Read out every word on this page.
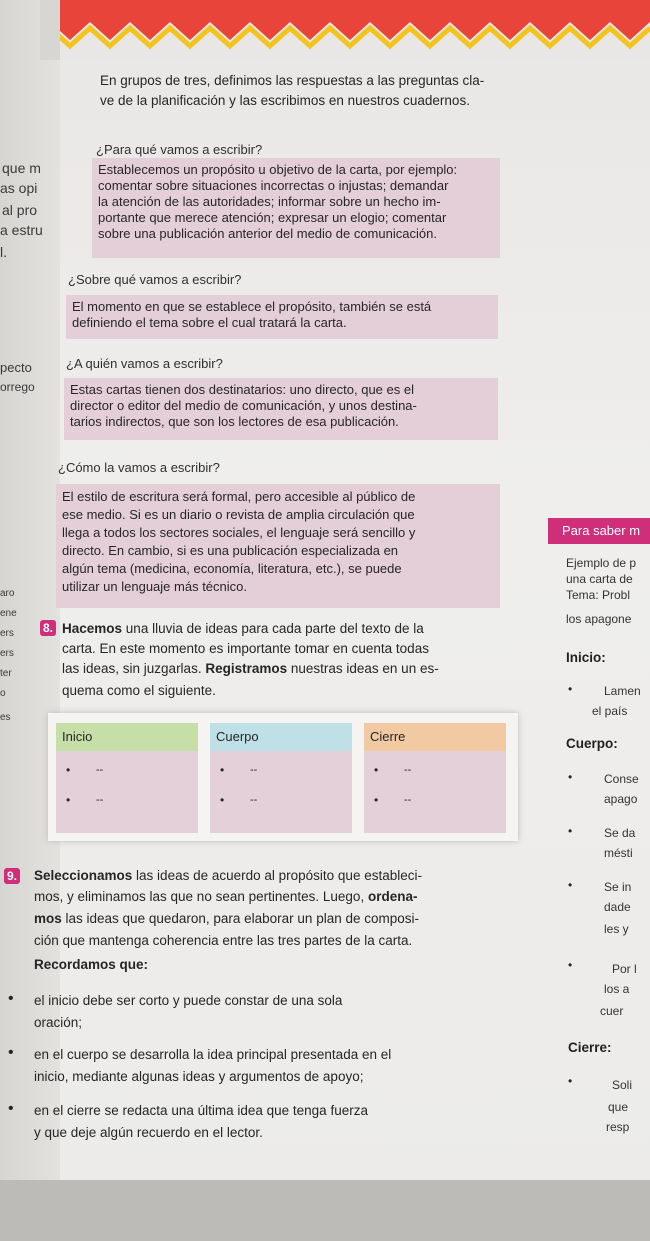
que m
as opi
al pro
a estru
l.
pecto
orrego
aro
ene
ers
ers
ter
o
es
En grupos de tres, definimos las respuestas a las preguntas cla-
ve de la planificación y las escribimos en nuestros cuadernos.
¿Para qué vamos a escribir?

Establecemos un propósito u objetivo de la carta, por ejemplo:
comentar sobre situaciones incorrectas o injustas; demandar
la atención de las autoridades; informar sobre un hecho im-
portante que merece atención; expresar un elogio; comentar
sobre una publicación anterior del medio de comunicación.

¿Sobre qué vamos a escribir?

El momento en que se establece el propósito, también se está
definiendo el tema sobre el cual tratará la carta.

¿A quién vamos a escribir?

Estas cartas tienen dos destinatarios: uno directo, que es el
director o editor del medio de comunicación, y unos destina-
tarios indirectos, que son los lectores de esa publicación.

¿Cómo la vamos a escribir?

El estilo de escritura será formal, pero accesible al público de
ese medio. Si es un diario o revista de amplia circulación que
llega a todos los sectores sociales, el lenguaje será sencillo y
directo. En cambio, si es una publicación especializada en
algún tema (medicina, economía, literatura, etc.), se puede
utilizar un lenguaje más técnico.

8. Hacemos una lluvia de ideas para cada parte del texto de la
carta. En este momento es importante tomar en cuenta todas
las ideas, sin juzgarlas. Registramos nuestras ideas en un es-
quema como el siguiente.
Inicio
• --
• --
Cuerpo
• --
• --
Cierre
• --
• --
9. Seleccionamos las ideas de acuerdo al propósito que estableci-
mos, y eliminamos las que no sean pertinentes. Luego, ordena-
mos las ideas que quedaron, para elaborar un plan de composi-
ción que mantenga coherencia entre las tres partes de la carta.
Recordamos que:
• el inicio debe ser corto y puede constar de una sola
oración;
• en el cuerpo se desarrolla la idea principal presentada en el
inicio, mediante algunas ideas y argumentos de apoyo;
• en el cierre se redacta una última idea que tenga fuerza
y que deje algún recuerdo en el lector.
Para saber m
Ejemplo de p
una carta de
Tema: Probl
los apagone
Inicio:
•	Lamen
el país
Cuerpo:
•	Conse
apago
•	Se da
mésti
•	Se in
dade
les y
•	Por l
los a
cuer
Cierre:
•	Soli
que
resp
